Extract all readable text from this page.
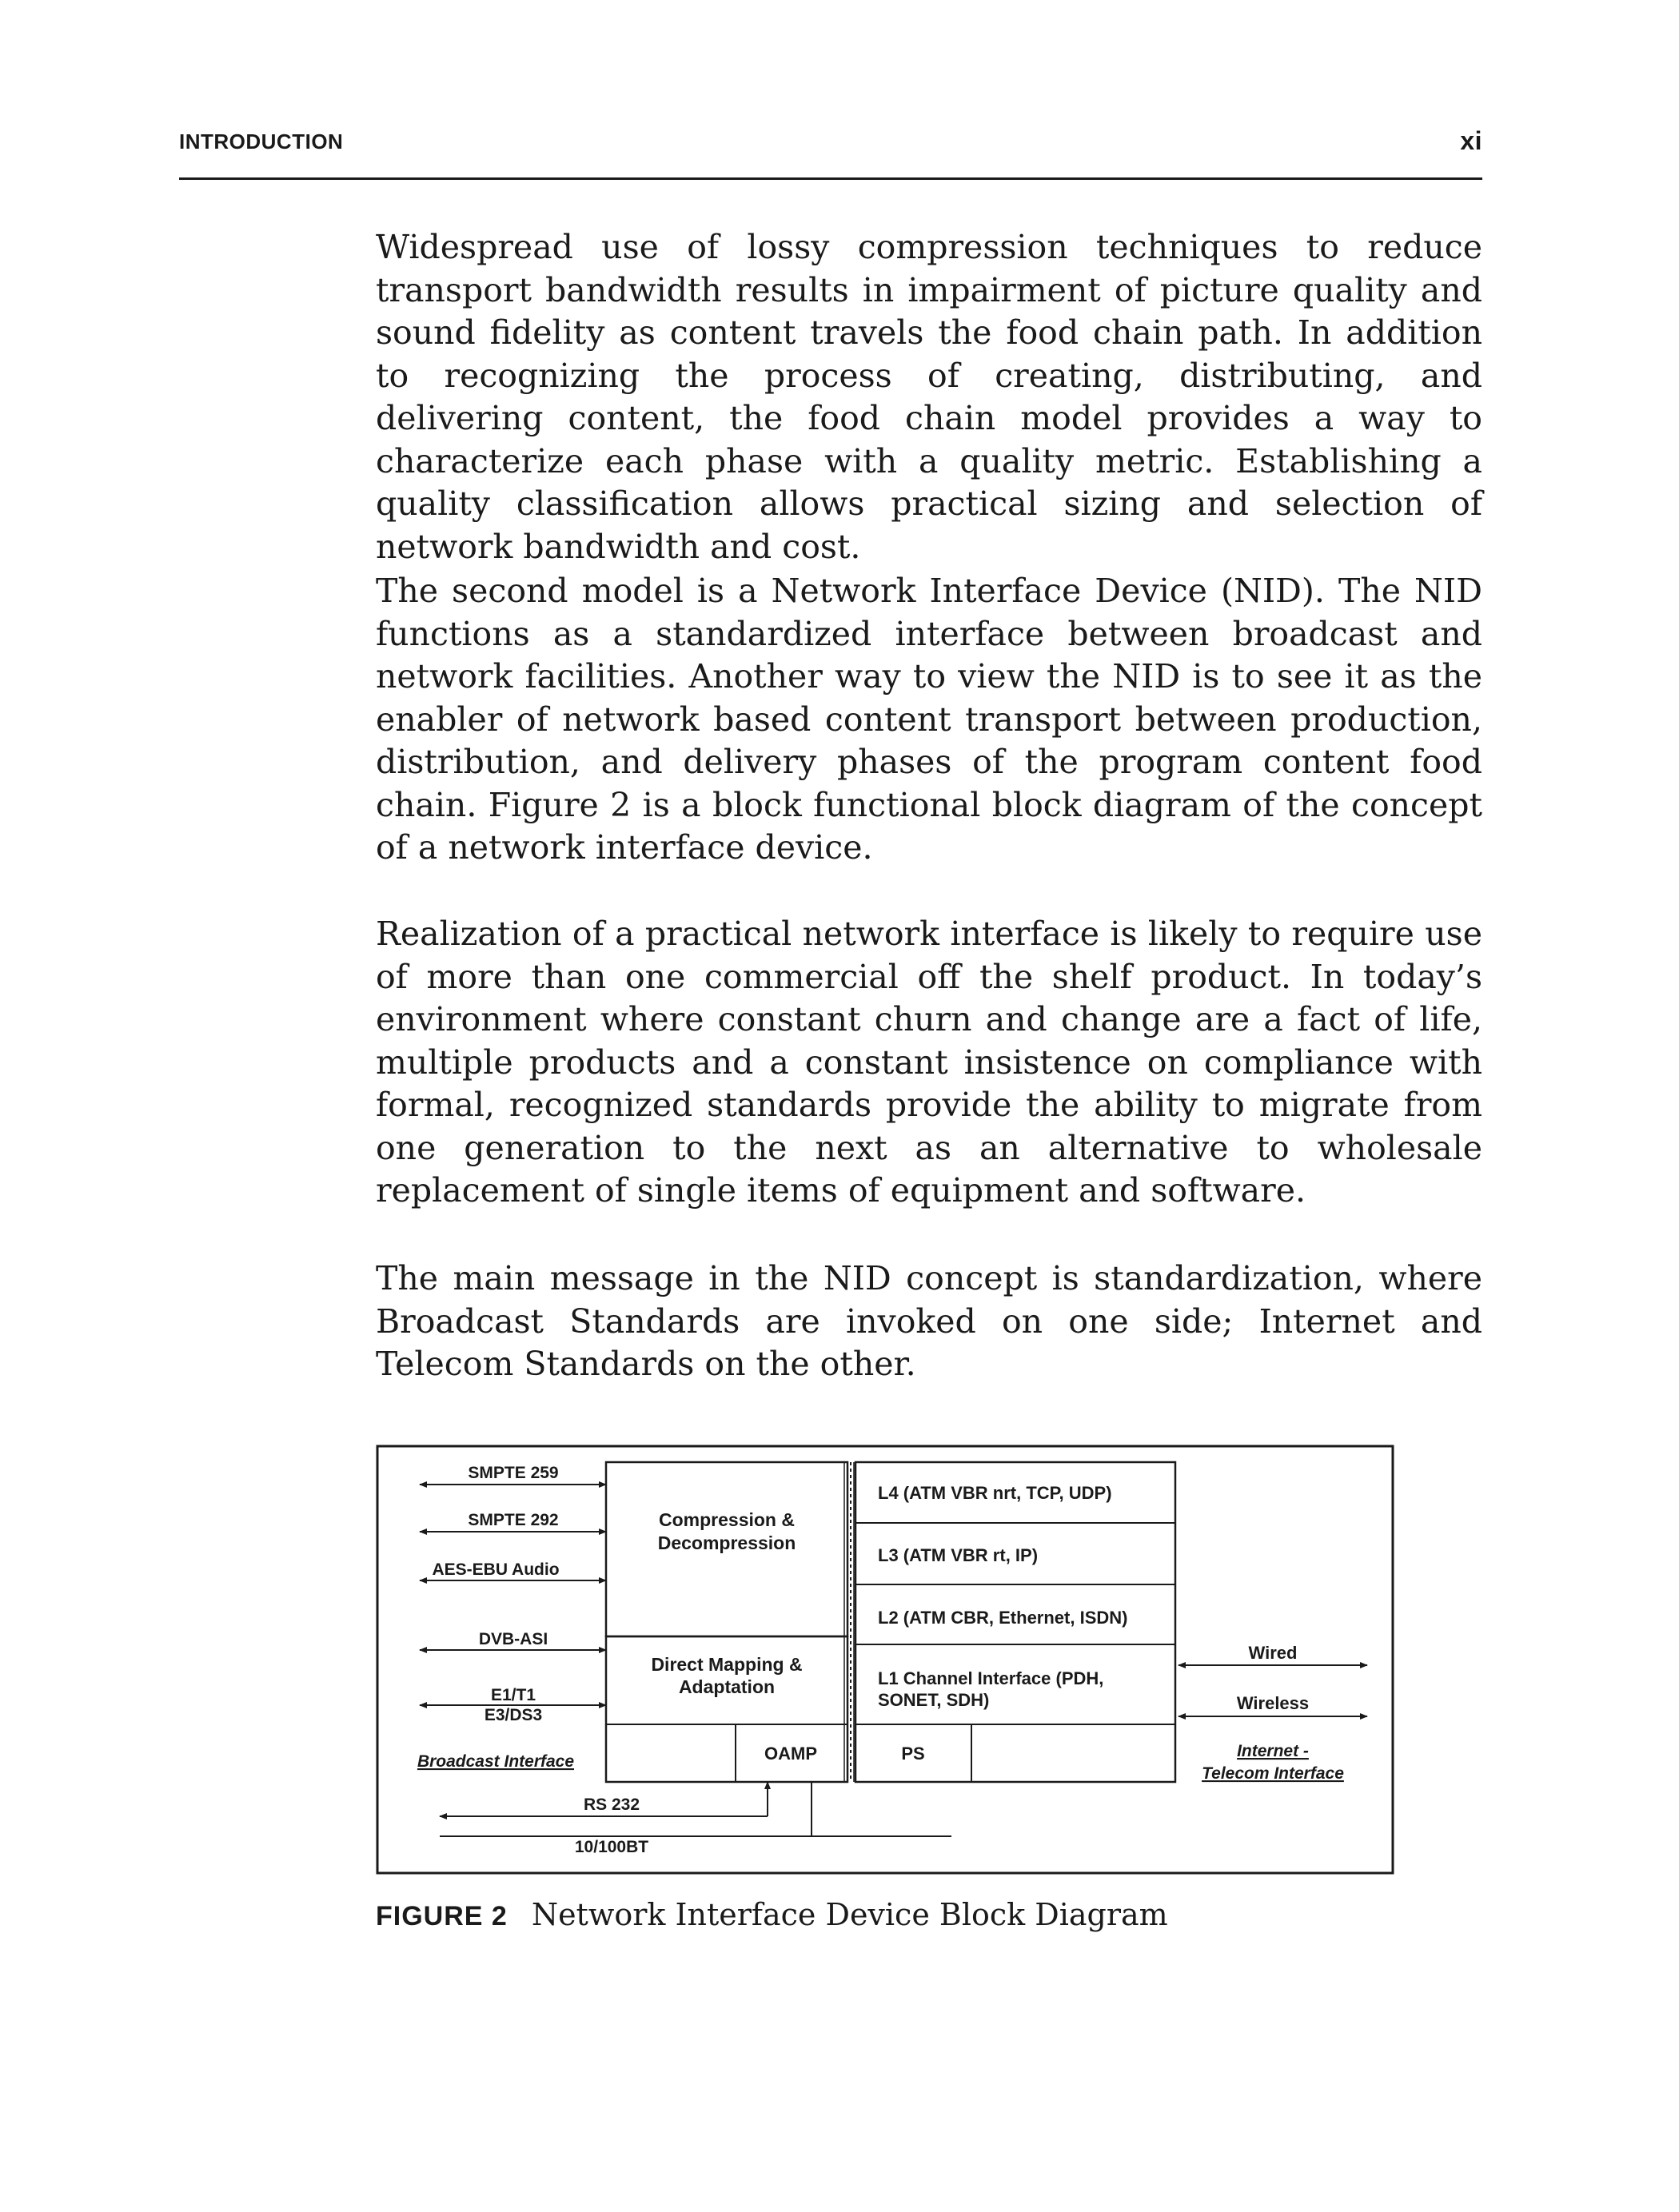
INTRODUCTION	xi

Widespread use of lossy compression techniques to reduce transport bandwidth results in impairment of picture quality and sound fidelity as content travels the food chain path. In addition to recognizing the process of creating, distributing, and delivering content, the food chain model provides a way to characterize each phase with a quality metric. Establishing a quality classification allows practical sizing and selection of network bandwidth and cost.

The second model is a Network Interface Device (NID). The NID functions as a standardized interface between broadcast and network facilities. Another way to view the NID is to see it as the enabler of network based content transport between production, distribution, and delivery phases of the program content food chain. Figure 2 is a block functional block diagram of the concept of a network interface device.

Realization of a practical network interface is likely to require use of more than one commercial off the shelf product. In today’s environment where constant churn and change are a fact of life, multiple products and a constant insistence on compliance with formal, recognized standards provide the ability to migrate from one generation to the next as an alternative to wholesale replacement of single items of equipment and software.

The main message in the NID concept is standardization, where Broadcast Standards are invoked on one side; Internet and Telecom Standards on the other.

SMPTE 259
SMPTE 292
AES-EBU Audio
DVB-ASI
E1/T1
E3/DS3
Broadcast Interface
Compression &
Decompression
Direct Mapping &
Adaptation
L4 (ATM VBR nrt, TCP, UDP)
L3 (ATM VBR rt, IP)
L2 (ATM CBR, Ethernet, ISDN)
L1 Channel Interface (PDH,
SONET, SDH)
OAMP	PS
Wired
Wireless
Internet -
Telecom Interface
RS 232
10/100BT
FIGURE 2 Network Interface Device Block Diagram
